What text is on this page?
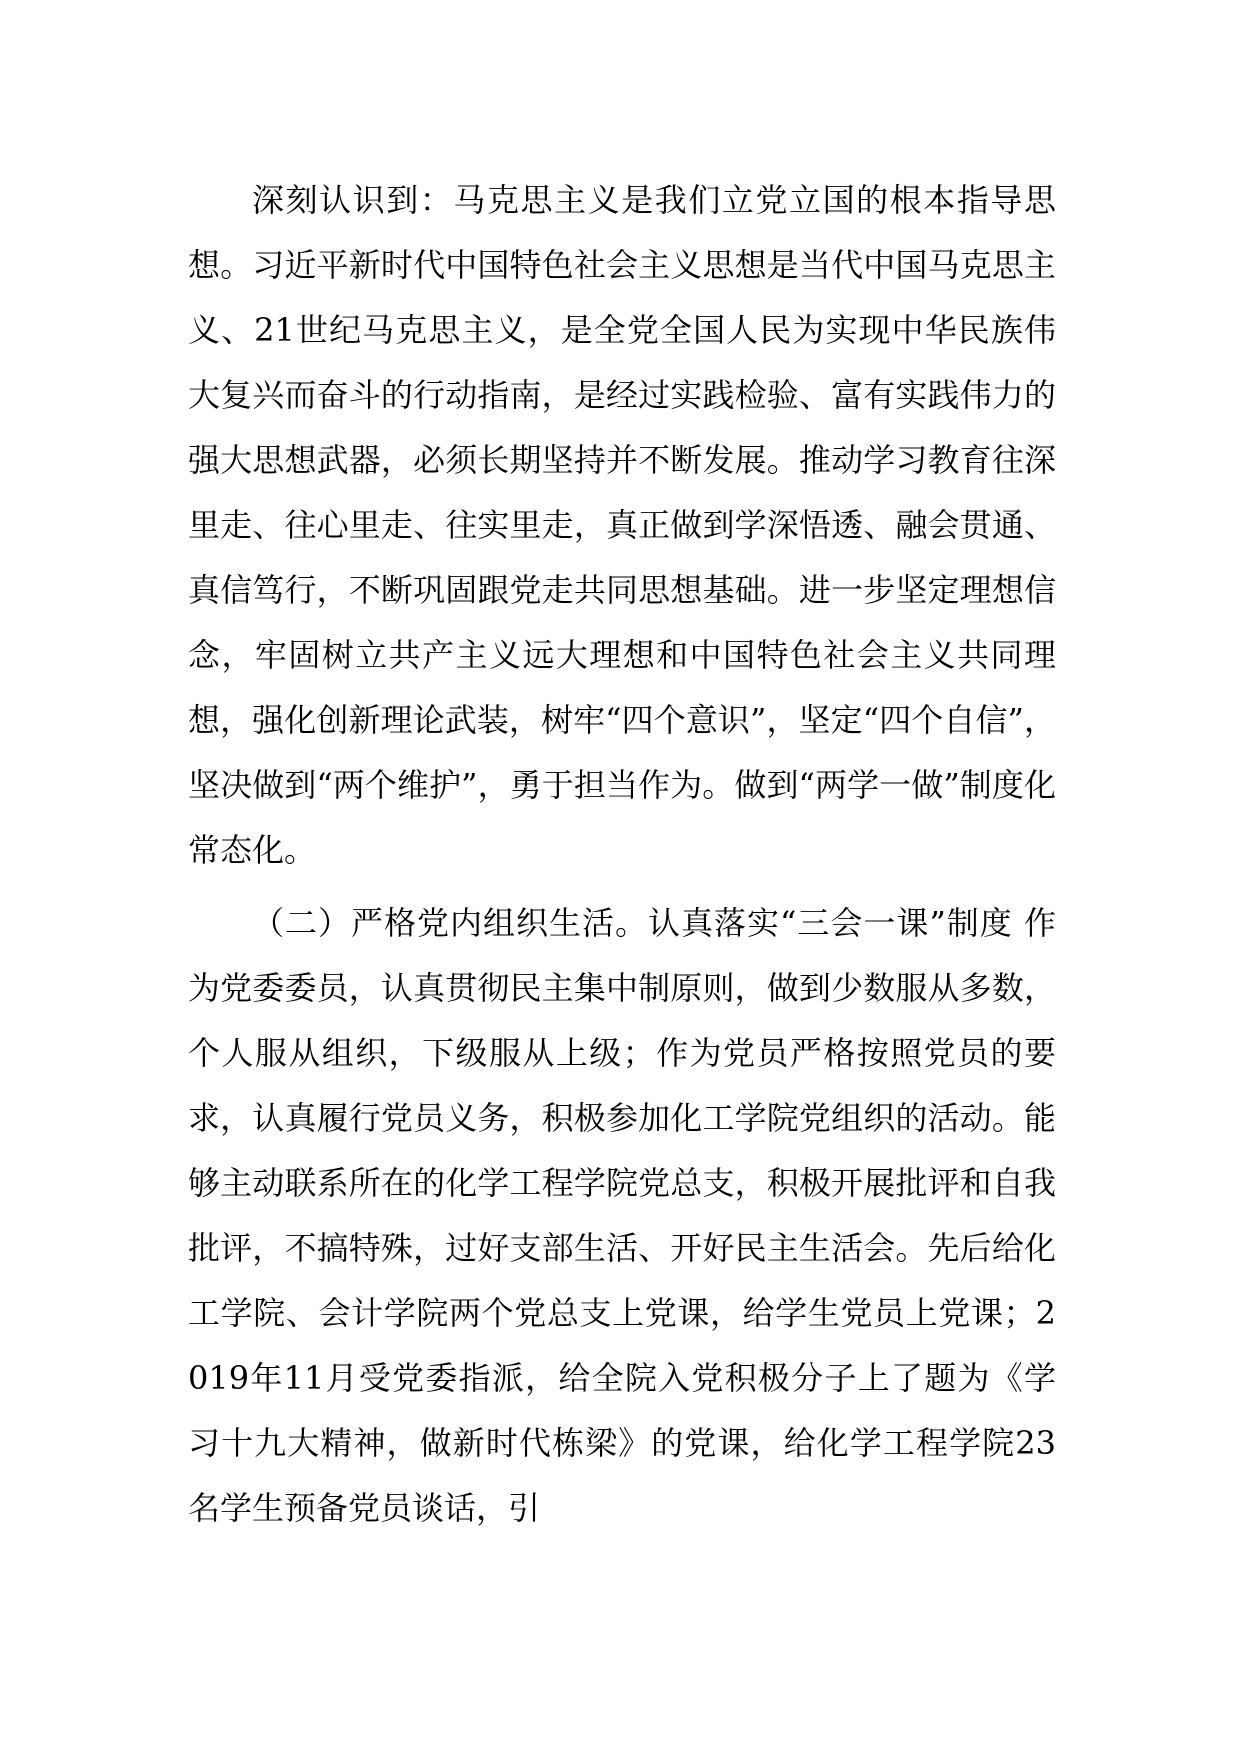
深刻认识到：马克思主义是我们立党立国的根本指导思想。习近平新时代中国特色社会主义思想是当代中国马克思主义、21世纪马克思主义，是全党全国人民为实现中华民族伟大复兴而奋斗的行动指南，是经过实践检验、富有实践伟力的强大思想武器，必须长期坚持并不断发展。推动学习教育往深里走、往心里走、往实里走，真正做到学深悟透、融会贯通、真信笃行，不断巩固跟党走共同思想基础。进一步坚定理想信念，牢固树立共产主义远大理想和中国特色社会主义共同理想，强化创新理论武装，树牢“四个意识”，坚定“四个自信”，坚决做到“两个维护”，勇于担当作为。做到“两学一做”制度化常态化。

（二）严格党内组织生活。认真落实“三会一课”制度 作为党委委员，认真贯彻民主集中制原则，做到少数服从多数，个人服从组织，下级服从上级；作为党员严格按照党员的要求，认真履行党员义务，积极参加化工学院党组织的活动。能够主动联系所在的化学工程学院党总支，积极开展批评和自我批评，不搞特殊，过好支部生活、开好民主生活会。先后给化工学院、会计学院两个党总支上党课，给学生党员上党课；2019年11月受党委指派，给全院入党积极分子上了题为《学习十九大精神，做新时代栋梁》的党课，给化学工程学院23名学生预备党员谈话，引
